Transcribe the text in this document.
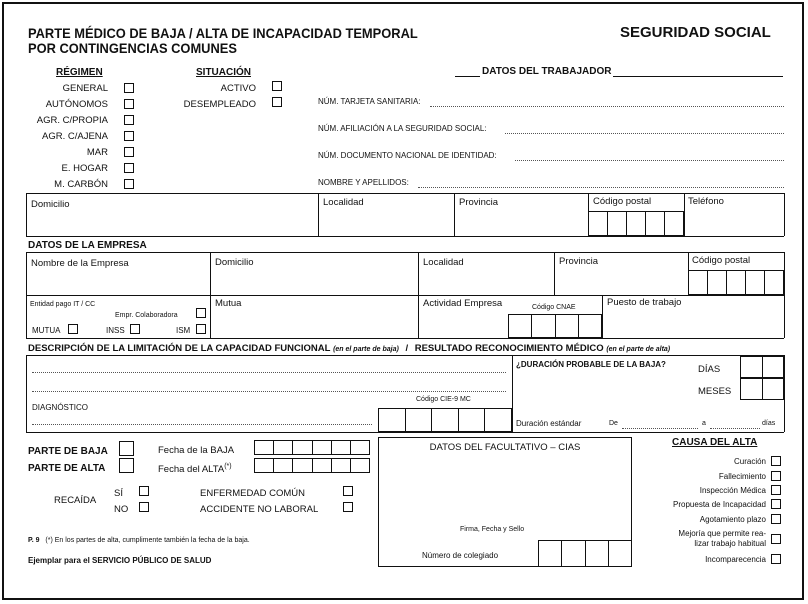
PARTE MÉDICO DE BAJA / ALTA DE INCAPACIDAD TEMPORAL
POR CONTINGENCIAS COMUNES
SEGURIDAD SOCIAL
RÉGIMEN
GENERAL
AUTÓNOMOS
AGR. C/PROPIA
AGR. C/AJENA
MAR
E. HOGAR
M. CARBÓN
SITUACIÓN
ACTIVO
DESEMPLEADO
DATOS DEL TRABAJADOR
NÚM. TARJETA SANITARIA:
NÚM. AFILIACIÓN A LA SEGURIDAD SOCIAL:
NÚM. DOCUMENTO NACIONAL DE IDENTIDAD:
NOMBRE Y APELLIDOS:
Domicilio	Localidad	Provincia	Código postal	Teléfono
DATOS DE LA EMPRESA
Nombre de la Empresa	Domicilio	Localidad	Provincia	Código postal
Entidad pago IT / CC
Empr. Colaboradora
MUTUA	INSS	ISM
Mutua	Actividad Empresa	Código CNAE	Puesto de trabajo
DESCRIPCIÓN DE LA LIMITACIÓN DE LA CAPACIDAD FUNCIONAL (en el parte de baja) / RESULTADO RECONOCIMIENTO MÉDICO (en el parte de alta)
DIAGNÓSTICO
Código CIE-9 MC
¿DURACIÓN PROBABLE DE LA BAJA?	DÍAS
MESES
Duración estándar	De	a	días
PARTE DE BAJA
PARTE DE ALTA
Fecha de la BAJA
Fecha del ALTA(*)
RECAÍDA
SÍ
NO
ENFERMEDAD COMÚN
ACCIDENTE NO LABORAL
P. 9 (*) En los partes de alta, cumplimente también la fecha de la baja.
Ejemplar para el SERVICIO PÚBLICO DE SALUD
DATOS DEL FACULTATIVO – CIAS
Firma, Fecha y Sello
Número de colegiado
CAUSA DEL ALTA
Curación
Fallecimiento
Inspección Médica
Propuesta de Incapacidad
Agotamiento plazo
Mejoría que permite rea-
lizar trabajo habitual
Incomparecencia
